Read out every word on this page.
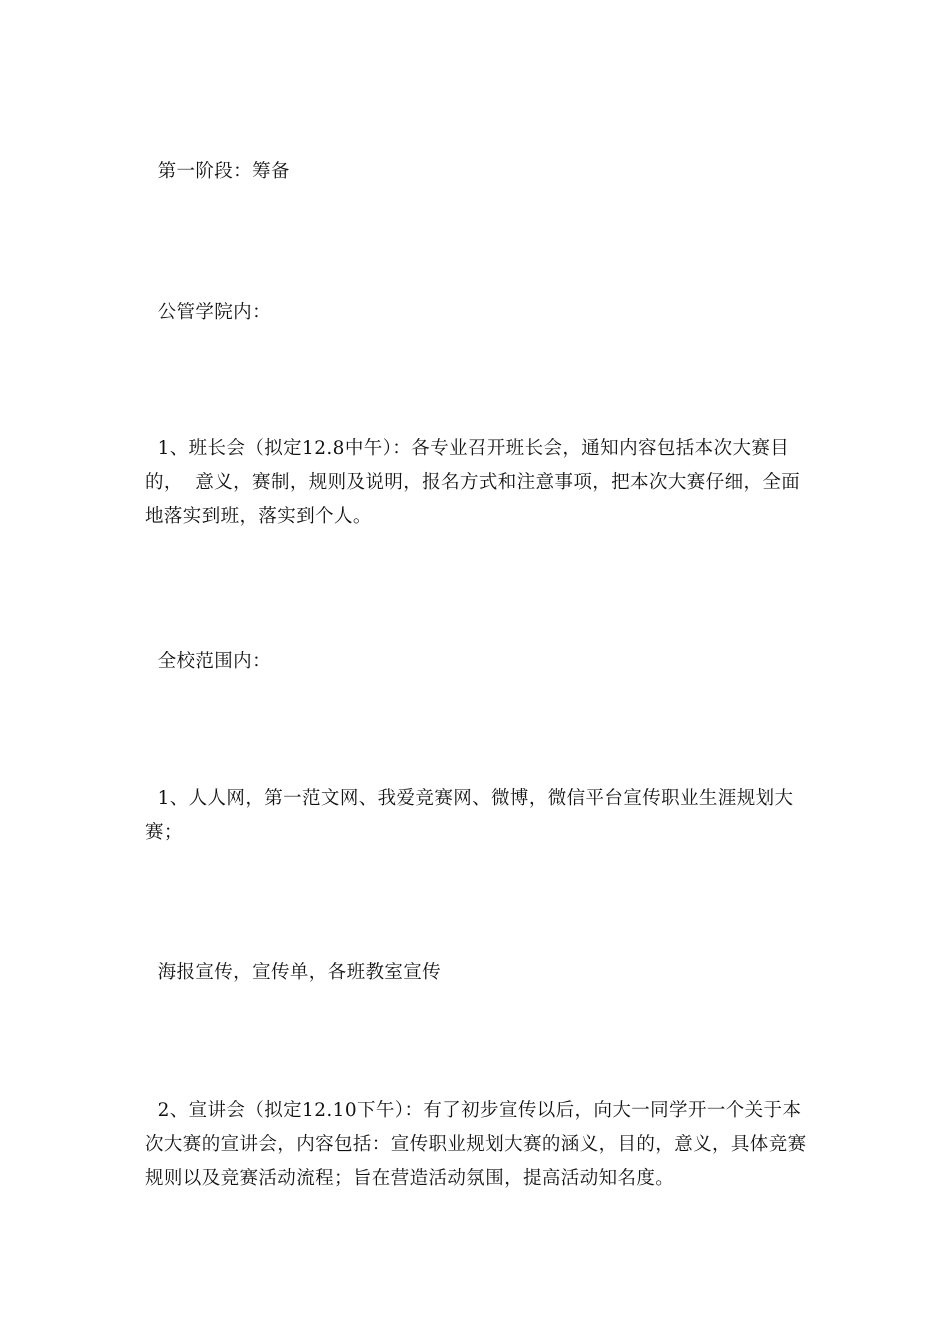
第一阶段：筹备

公管学院内：

1、班长会（拟定12.8中午）：各专业召开班长会，通知内容包括本次大赛目的，  意义，赛制，规则及说明，报名方式和注意事项，把本次大赛仔细，全面地落实到班，落实到个人。

全校范围内：

1、人人网，第一范文网、我爱竞赛网、微博，微信平台宣传职业生涯规划大赛；

海报宣传，宣传单，各班教室宣传

2、宣讲会（拟定12.10下午）：有了初步宣传以后，向大一同学开一个关于本次大赛的宣讲会，内容包括：宣传职业规划大赛的涵义，目的，意义，具体竞赛规则以及竞赛活动流程；旨在营造活动氛围，提高活动知名度。
